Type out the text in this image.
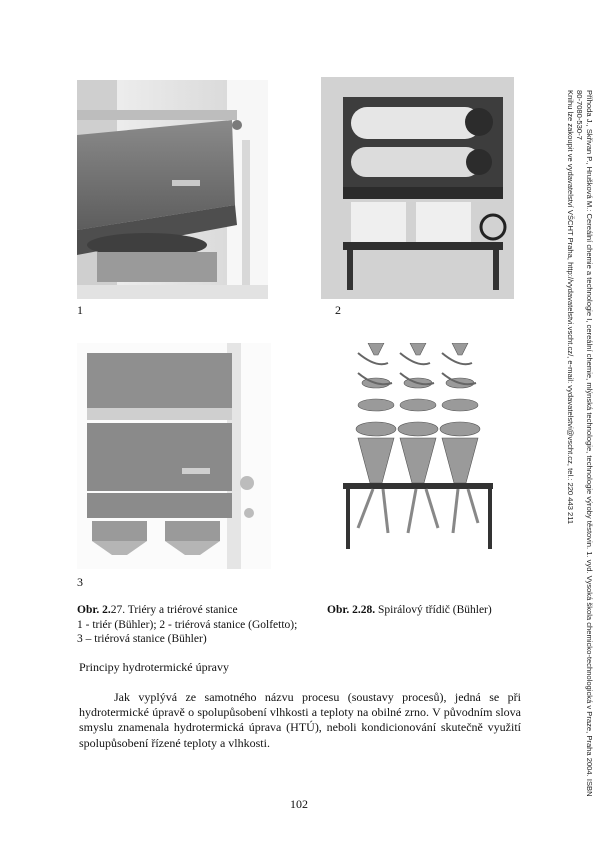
1	2
3
Obr. 2.27. Triéry a triérové stanice
1 - triér (Bühler); 2 - triérová stanice (Golfetto);
3 – triérová stanice (Bühler)
Obr. 2.28. Spirálový třídič (Bühler)
Principy hydrotermické úpravy
Jak vyplývá ze samotného názvu procesu (soustavy procesů), jedná se při hydrotermické úpravě o spolupůsobení vlhkosti a teploty na obilné zrno. V původním slova smyslu znamenala hydrotermická úprava (HTÚ), neboli kondicionování skutečně využití spolupůsobení řízené teploty a vlhkosti.
102
Příhoda J., Skřivan P., Hrušková M.: Cereální chemie a technologie I, cereální chemie, mlýnská technologie, technologie výroby těstovin. 1. vyd. Vysoká škola chemicko-technologická v Praze, Praha 2004. ISBN
80-7080-530-7
Knihu lze zakoupit ve vydavatelství VŠCHT Praha, http://vydavatelstvi.vscht.cz/, e-mail: vydavatelstvi@vscht.cz, tel.: 220 443 211
